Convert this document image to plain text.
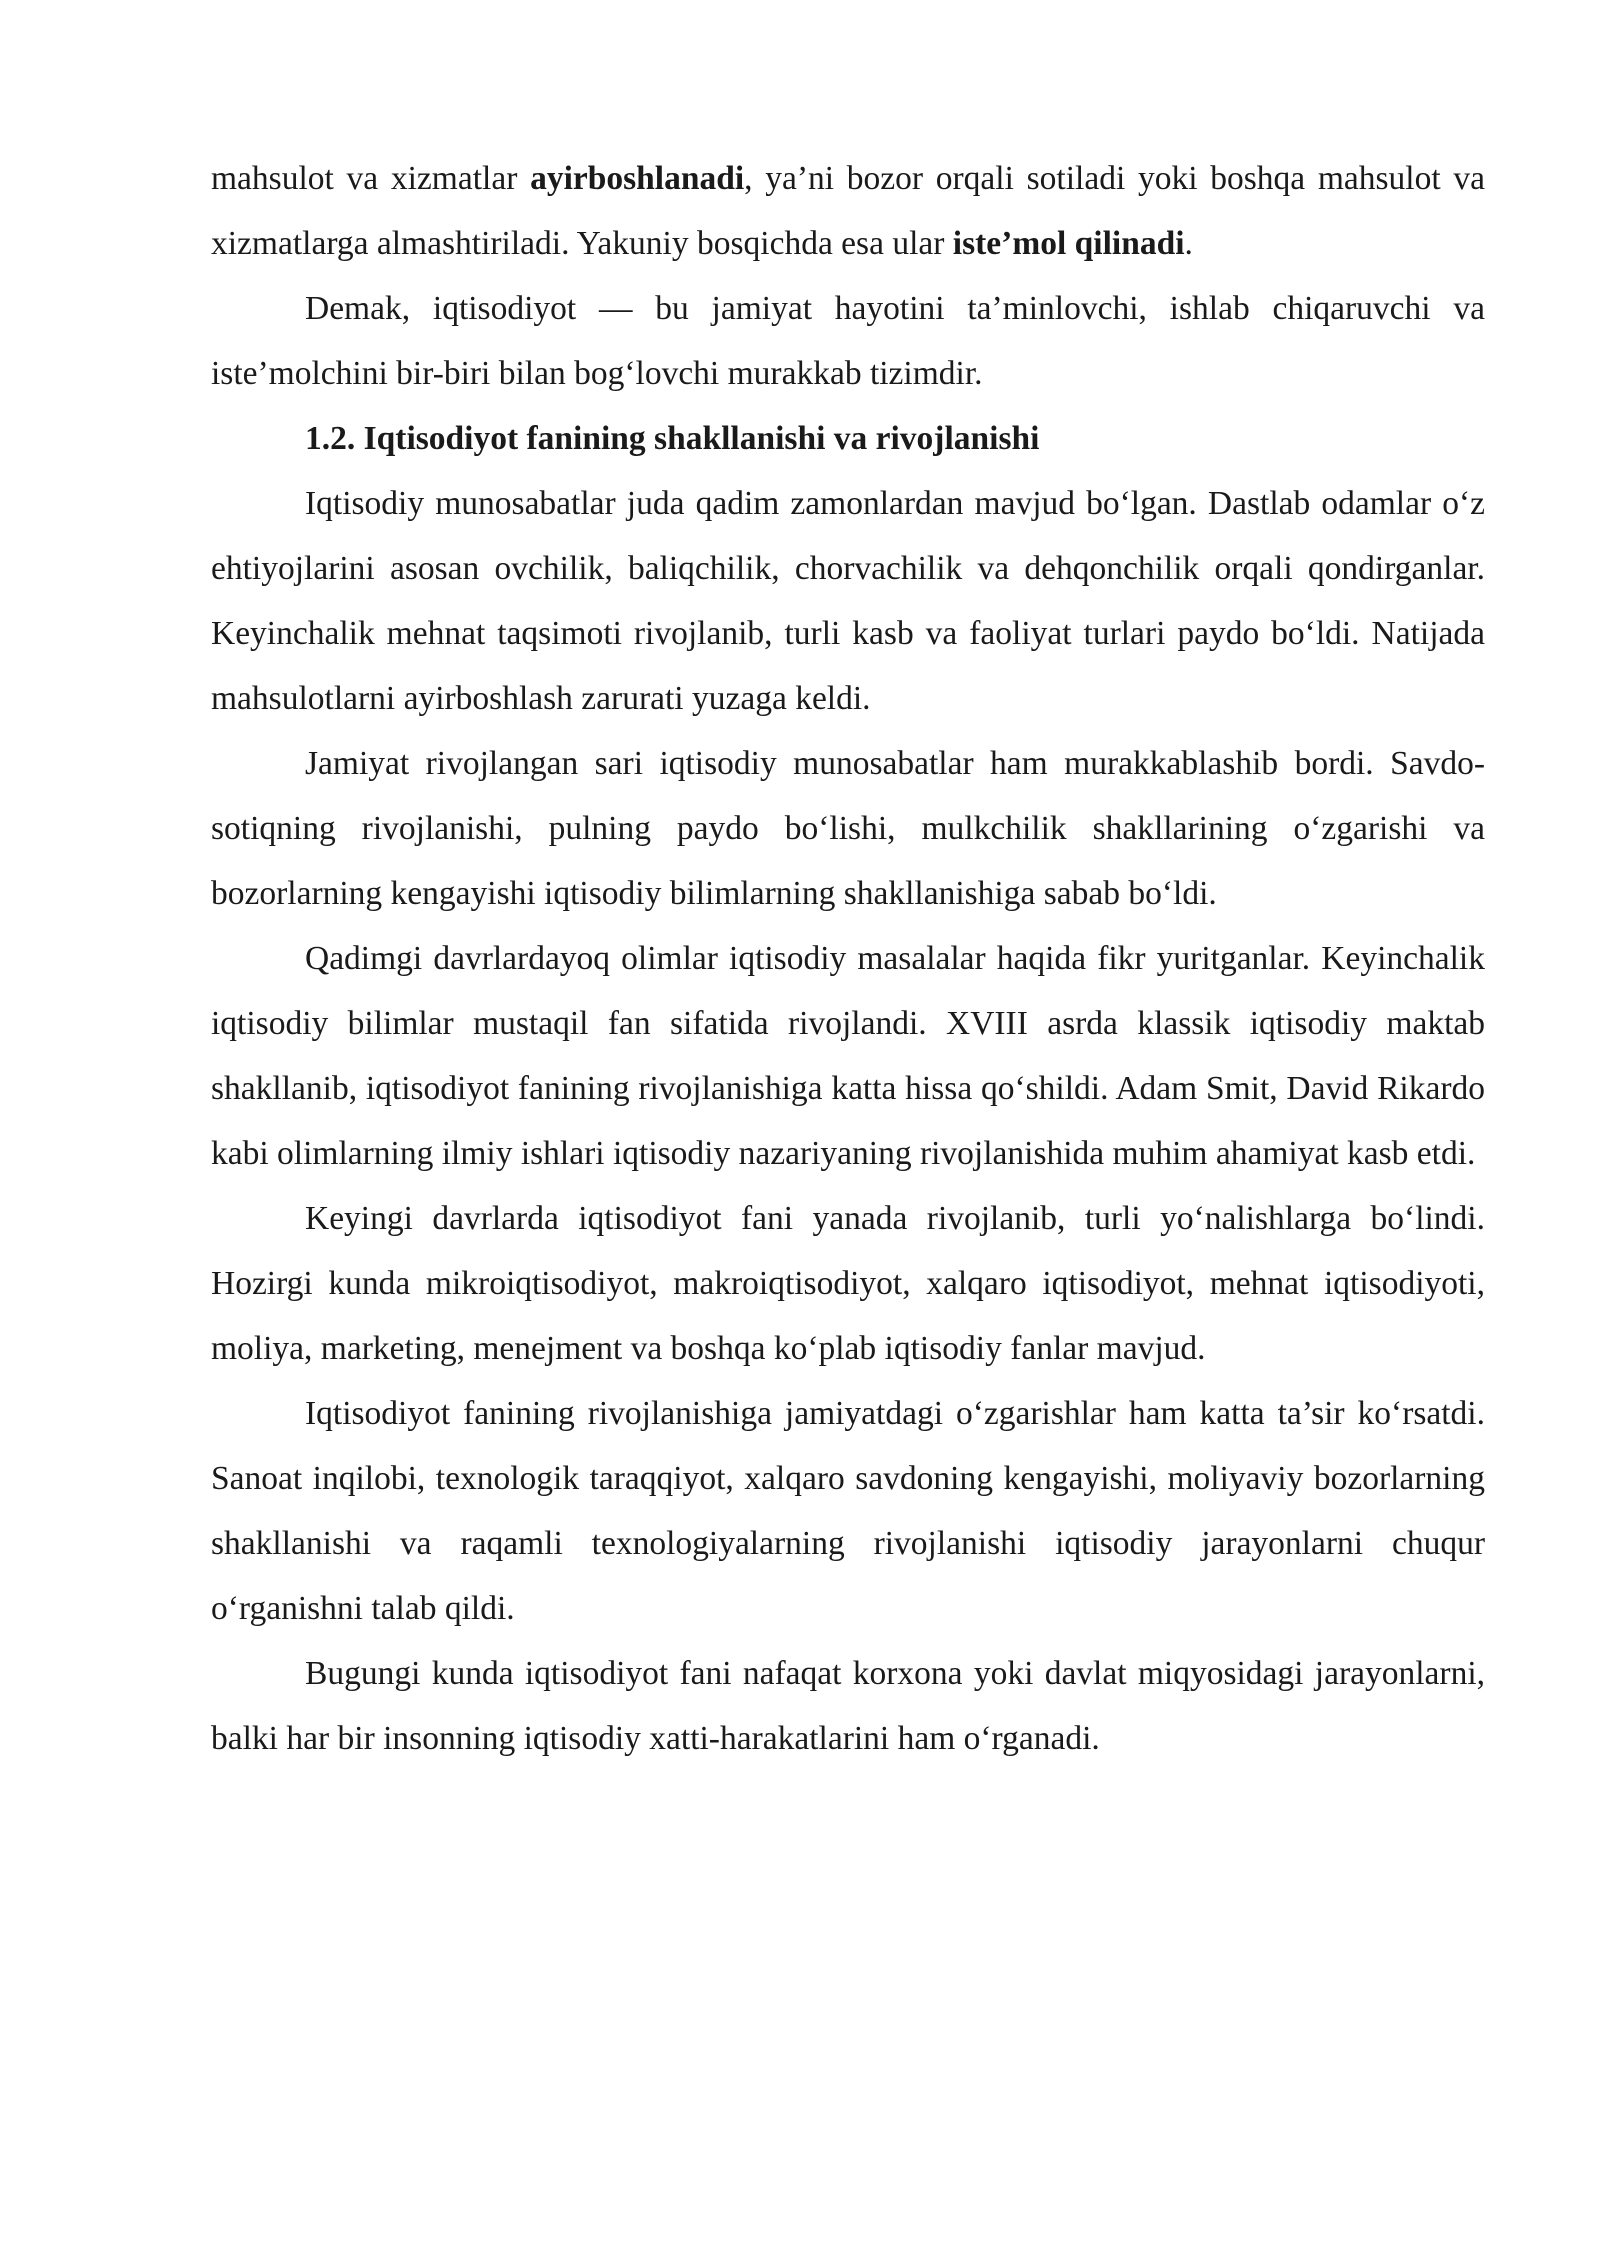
mahsulot va xizmatlar ayirboshlanadi, ya’ni bozor orqali sotiladi yoki boshqa mahsulot va xizmatlarga almashtiriladi. Yakuniy bosqichda esa ular iste’mol qilinadi.

Demak, iqtisodiyot — bu jamiyat hayotini ta’minlovchi, ishlab chiqaruvchi va iste’molchini bir-biri bilan bog‘lovchi murakkab tizimdir.

1.2. Iqtisodiyot fanining shakllanishi va rivojlanishi

Iqtisodiy munosabatlar juda qadim zamonlardan mavjud bo‘lgan. Dastlab odamlar o‘z ehtiyojlarini asosan ovchilik, baliqchilik, chorvachilik va dehqonchilik orqali qondirganlar. Keyinchalik mehnat taqsimoti rivojlanib, turli kasb va faoliyat turlari paydo bo‘ldi. Natijada mahsulotlarni ayirboshlash zarurati yuzaga keldi.

Jamiyat rivojlangan sari iqtisodiy munosabatlar ham murakkablashib bordi. Savdo-sotiqning rivojlanishi, pulning paydo bo‘lishi, mulkchilik shakllarining o‘zgarishi va bozorlarning kengayishi iqtisodiy bilimlarning shakllanishiga sabab bo‘ldi.

Qadimgi davrlardayoq olimlar iqtisodiy masalalar haqida fikr yuritganlar. Keyinchalik iqtisodiy bilimlar mustaqil fan sifatida rivojlandi. XVIII asrda klassik iqtisodiy maktab shakllanib, iqtisodiyot fanining rivojlanishiga katta hissa qo‘shildi. Adam Smit, David Rikardo kabi olimlarning ilmiy ishlari iqtisodiy nazariyaning rivojlanishida muhim ahamiyat kasb etdi.

Keyingi davrlarda iqtisodiyot fani yanada rivojlanib, turli yo‘nalishlarga bo‘lindi. Hozirgi kunda mikroiqtisodiyot, makroiqtisodiyot, xalqaro iqtisodiyot, mehnat iqtisodiyoti, moliya, marketing, menejment va boshqa ko‘plab iqtisodiy fanlar mavjud.

Iqtisodiyot fanining rivojlanishiga jamiyatdagi o‘zgarishlar ham katta ta’sir ko‘rsatdi. Sanoat inqilobi, texnologik taraqqiyot, xalqaro savdoning kengayishi, moliyaviy bozorlarning shakllanishi va raqamli texnologiyalarning rivojlanishi iqtisodiy jarayonlarni chuqur o‘rganishni talab qildi.

Bugungi kunda iqtisodiyot fani nafaqat korxona yoki davlat miqyosidagi jarayonlarni, balki har bir insonning iqtisodiy xatti-harakatlarini ham o‘rganadi.
